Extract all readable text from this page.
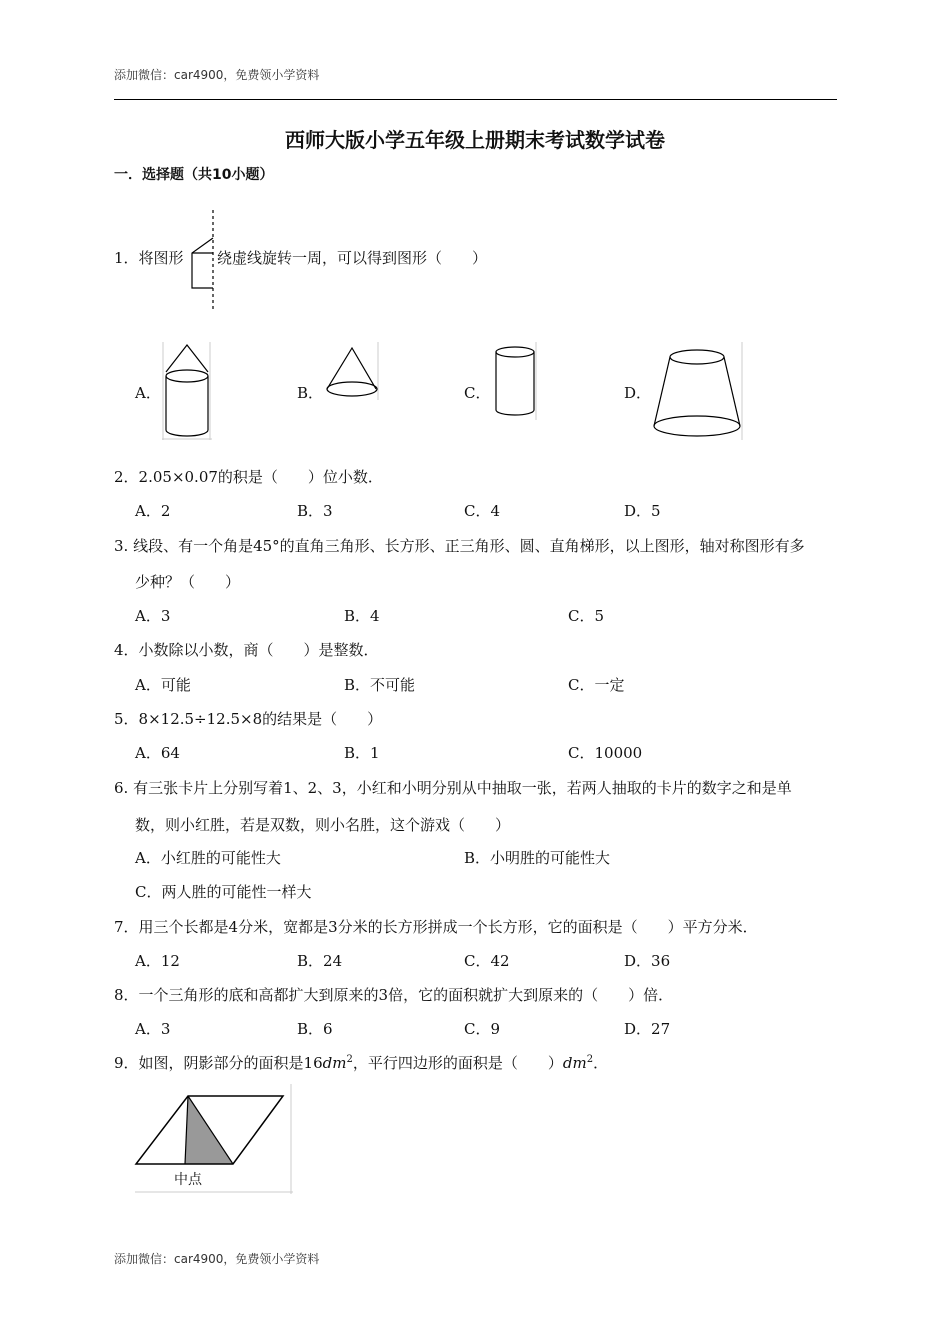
添加微信：car4900，免费领小学资料
西师大版小学五年级上册期末考试数学试卷
一．选择题（共10小题）
1．将图形 绕虚线旋转一周，可以得到图形（　　）
A．	B．	C．	D．
2．2.05×0.07的积是（　　）位小数．
A．2	B．3	C．4	D．5
3. 线段、有一个角是45°的直角三角形、长方形、正三角形、圆、直角梯形，以上图形，轴对称图形有多
少种？（　　）
A．3	B．4	C．5
4．小数除以小数，商（　　）是整数．
A．可能	B．不可能	C．一定
5．8×12.5÷12.5×8的结果是（　　）
A．64	B．1	C．10000
6. 有三张卡片上分别写着1、2、3，小红和小明分别从中抽取一张，若两人抽取的卡片的数字之和是单
数，则小红胜，若是双数，则小名胜，这个游戏（　　）
A．小红胜的可能性大	B．小明胜的可能性大
C．两人胜的可能性一样大
7．用三个长都是4分米，宽都是3分米的长方形拼成一个长方形，它的面积是（　　）平方分米．
A．12	B．24	C．42	D．36
8．一个三角形的底和高都扩大到原来的3倍，它的面积就扩大到原来的（　　）倍．
A．3	B．6	C．9	D．27
9．如图，阴影部分的面积是$16dm^2$，平行四边形的面积是（　　）$dm^2$．
中点
添加微信：car4900，免费领小学资料
